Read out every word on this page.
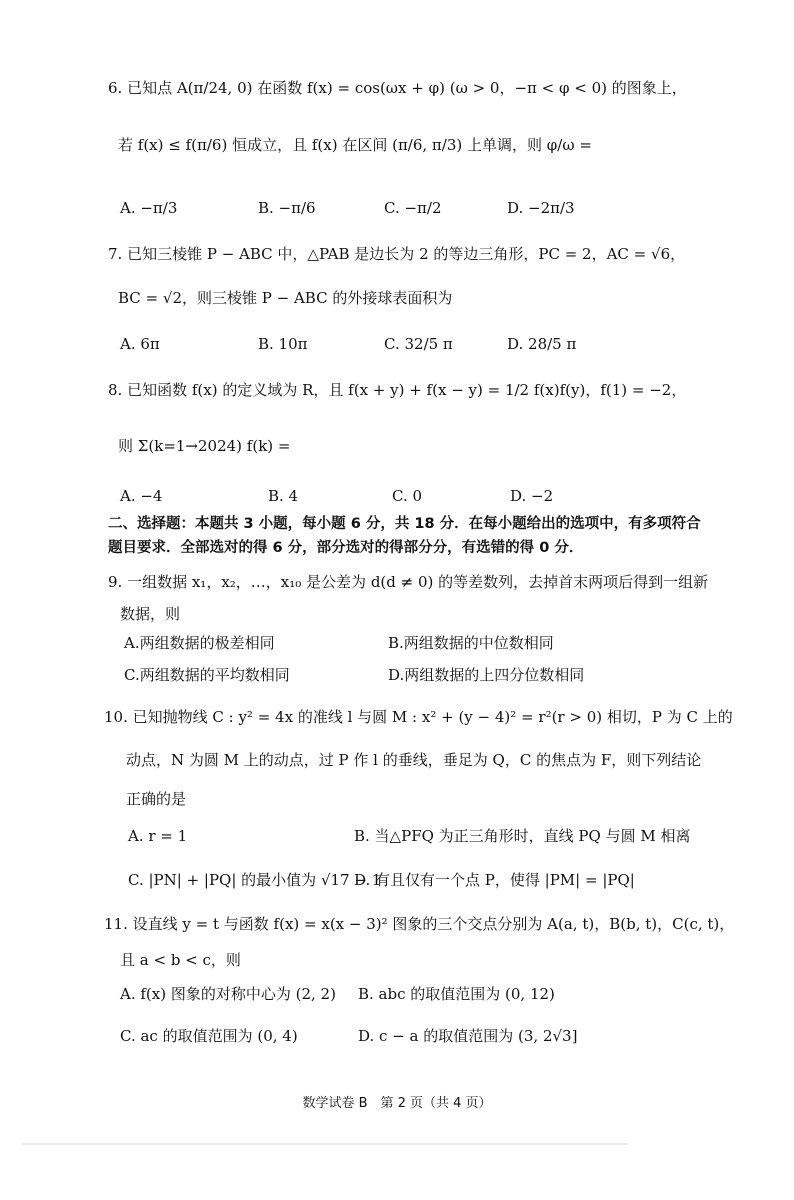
6. 已知点 A(π/24, 0) 在函数 f(x) = cos(ωx + φ) (ω > 0，−π < φ < 0) 的图象上，
若 f(x) ≤ f(π/6) 恒成立，且 f(x) 在区间 (π/6, π/3) 上单调，则 φ/ω =
A. −π/3	B. −π/6	C. −π/2	D. −2π/3
7. 已知三棱锥 P − ABC 中，△PAB 是边长为 2 的等边三角形，PC = 2，AC = √6，
BC = √2，则三棱锥 P − ABC 的外接球表面积为
A. 6π	B. 10π	C. 32/5 π	D. 28/5 π
8. 已知函数 f(x) 的定义域为 R，且 f(x + y) + f(x − y) = 1/2 f(x)f(y)，f(1) = −2，
则 Σ(k=1→2024) f(k) =
A. −4	B. 4	C. 0	D. −2
二、选择题：本题共 3 小题，每小题 6 分，共 18 分．在每小题给出的选项中，有多项符合
题目要求．全部选对的得 6 分，部分选对的得部分分，有选错的得 0 分．
9. 一组数据 x₁，x₂，…，x₁₀ 是公差为 d(d ≠ 0) 的等差数列，去掉首末两项后得到一组新
数据，则
A.两组数据的极差相同	B.两组数据的中位数相同
C.两组数据的平均数相同	D.两组数据的上四分位数相同
10. 已知抛物线 C : y² = 4x 的准线 l 与圆 M : x² + (y − 4)² = r²(r > 0) 相切，P 为 C 上的
动点，N 为圆 M 上的动点，过 P 作 l 的垂线，垂足为 Q，C 的焦点为 F，则下列结论
正确的是
A. r = 1	B. 当△PFQ 为正三角形时，直线 PQ 与圆 M 相离
C. |PN| + |PQ| 的最小值为 √17 − 1
D. 有且仅有一个点 P，使得 |PM| = |PQ|
11. 设直线 y = t 与函数 f(x) = x(x − 3)² 图象的三个交点分别为 A(a, t)，B(b, t)，C(c, t)，
且 a < b < c，则
A. f(x) 图象的对称中心为 (2, 2) B. abc 的取值范围为 (0, 12)
C. ac 的取值范围为 (0, 4)	D. c − a 的取值范围为 (3, 2√3]
数学试卷 B　第 2 页（共 4 页）
